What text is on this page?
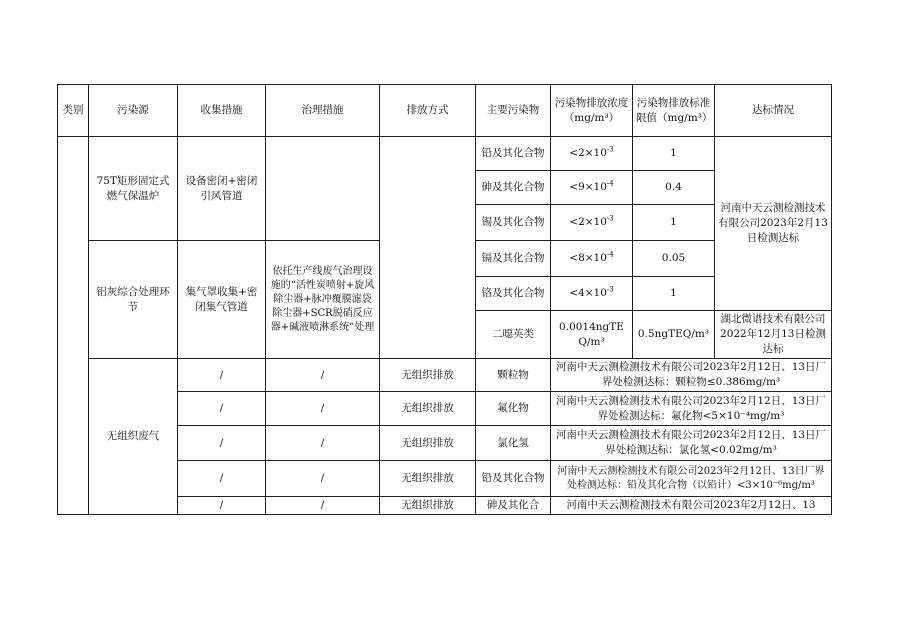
类别	污染源	收集措施	治理措施	排放方式	主要污染物	污染物排放浓度（mg/m³）	污染物排放标准限值（mg/m³）	达标情况
	75T矩形固定式燃气保温炉	设备密闭+密闭引风管道			铅及其化合物	$<2\times 10^{-3}$	1	河南中天云测检测技术有限公司2023年2月13日检测达标
					砷及其化合物	$<9\times 10^{-4}$	0.4	
					锡及其化合物	$<2\times 10^{-3}$	1	
	铝灰综合处理环节	集气罩收集+密闭集气管道	依托生产线废气治理设施的“活性炭喷射+旋风除尘器+脉冲覆膜滤袋除尘器+SCR脱硝反应器+碱液喷淋系统”处理		镉及其化合物	$<8\times 10^{-4}$	0.05	
					铬及其化合物	$<4\times 10^{-3}$	1	
					二噁英类	0.0014ngTEQ/m³	0.5ngTEQ/m³	湖北微谱技术有限公司2022年12月13日检测达标
	无组织废气	/	/	无组织排放	颗粒物	河南中天云测检测技术有限公司2023年2月12日、13日厂界处检测达标：颗粒物≤0.386mg/m³		
		/	/	无组织排放	氟化物	河南中天云测检测技术有限公司2023年2月12日、13日厂界处检测达标：氟化物<5×10⁻⁴mg/m³		
		/	/	无组织排放	氯化氢	河南中天云测检测技术有限公司2023年2月12日、13日厂界处检测达标：氯化氢<0.02mg/m³		
		/	/	无组织排放	铅及其化合物	河南中天云测检测技术有限公司2023年2月12日、13日厂界处检测达标：铅及其化合物（以铅计）<3×10⁻⁶mg/m³		
		/	/	无组织排放	砷及其化合	河南中天云测检测技术有限公司2023年2月12日、13		
